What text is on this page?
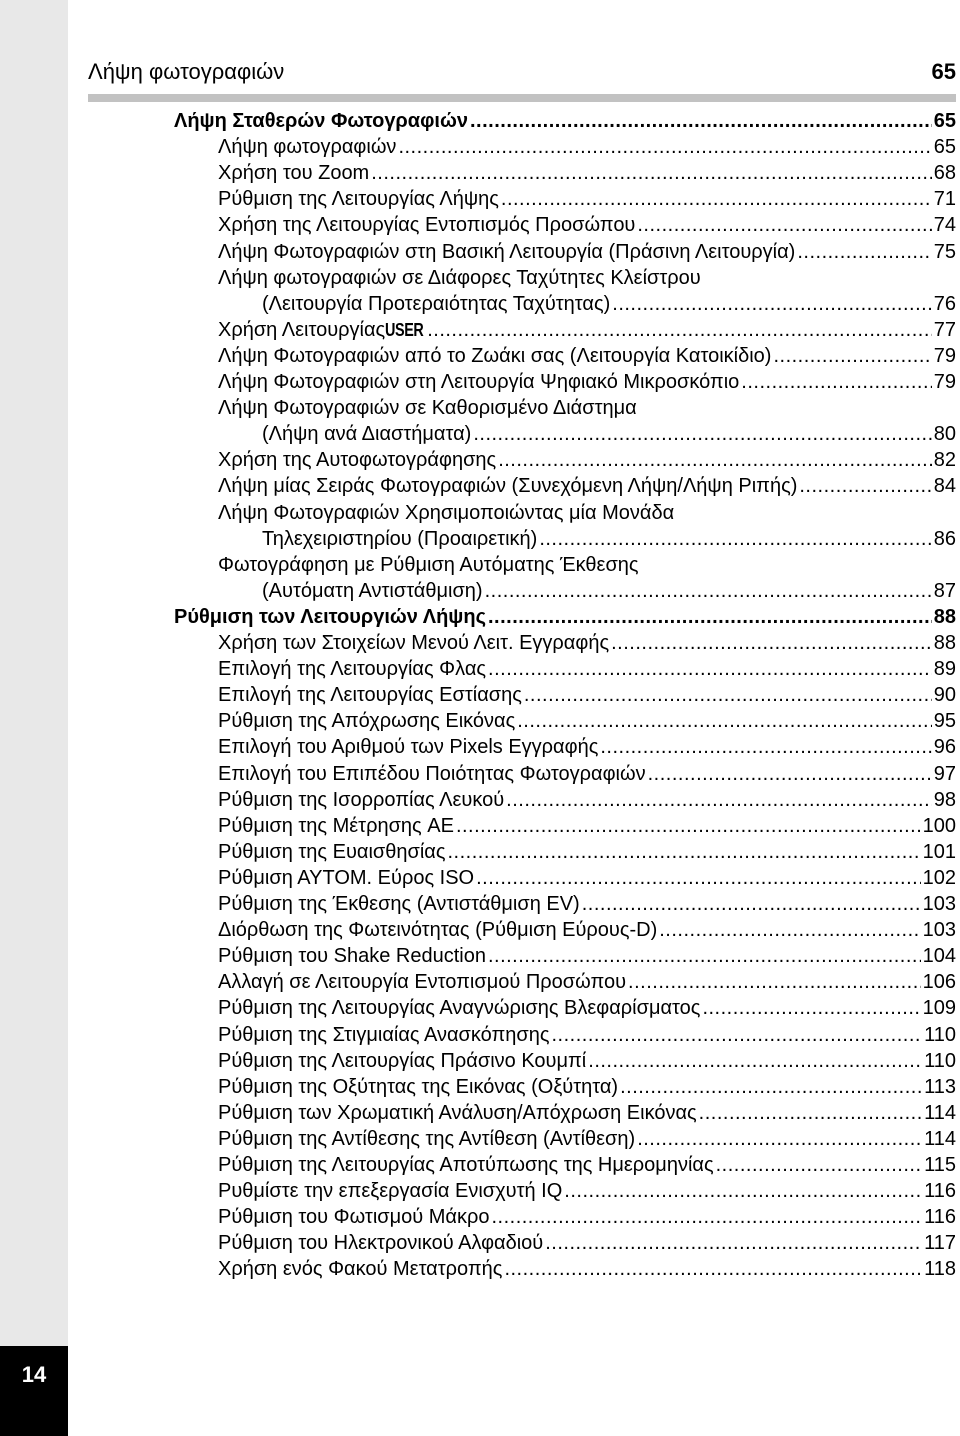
14
Λήψη φωτογραφιών	65
Λήψη Σταθερών Φωτογραφιών .....	65
Λήψη φωτογραφιών .....	65
Χρήση του Zoom .....	68
Ρύθμιση της Λειτουργίας Λήψης .....	71
Χρήση της Λειτουργίας Εντοπισμός Προσώπου .....	74
Λήψη Φωτογραφιών στη Βασική Λειτουργία (Πράσινη Λειτουργία) .....	75
Λήψη φωτογραφιών σε Διάφορες Ταχύτητες Κλείστρου
(Λειτουργία Προτεραιότητας Ταχύτητας) .....	76
Χρήση Λειτουργίας USER .....	77
Λήψη Φωτογραφιών από το Ζωάκι σας (Λειτουργία Κατοικίδιο) .....	79
Λήψη Φωτογραφιών στη Λειτουργία Ψηφιακό Μικροσκόπιο .....	79
Λήψη Φωτογραφιών σε Καθορισμένο Διάστημα
(Λήψη ανά Διαστήματα) .....	80
Χρήση της Αυτοφωτογράφησης .....	82
Λήψη μίας Σειράς Φωτογραφιών (Συνεχόμενη Λήψη/Λήψη Ριπής) .....	84
Λήψη Φωτογραφιών Χρησιμοποιώντας μία Μονάδα
Τηλεχειριστηρίου (Προαιρετική) .....	86
Φωτογράφηση με Ρύθμιση Αυτόματης Έκθεσης
(Αυτόματη Αντιστάθμιση) .....	87
Ρύθμιση των Λειτουργιών Λήψης .....	88
Χρήση των Στοιχείων Μενού Λειτ. Εγγραφής .....	88
Επιλογή της Λειτουργίας Φλας .....	89
Επιλογή της Λειτουργίας Εστίασης .....	90
Ρύθμιση της Απόχρωσης Εικόνας .....	95
Επιλογή του Αριθμού των Pixels Εγγραφής .....	96
Επιλογή του Επιπέδου Ποιότητας Φωτογραφιών .....	97
Ρύθμιση της Ισορροπίας Λευκού .....	98
Ρύθμιση της Μέτρησης AE .....	100
Ρύθμιση της Ευαισθησίας .....	101
Ρύθμιση ΑΥΤΟΜ. Εύρος ISO .....	102
Ρύθμιση της Έκθεσης (Αντιστάθμιση EV) .....	103
Διόρθωση της Φωτεινότητας (Ρύθμιση Εύρους-D) .....	103
Ρύθμιση του Shake Reduction .....	104
Αλλαγή σε Λειτουργία Εντοπισμού Προσώπου .....	106
Ρύθμιση της Λειτουργίας Αναγνώρισης Βλεφαρίσματος .....	109
Ρύθμιση της Στιγμιαίας Ανασκόπησης .....	110
Ρύθμιση της Λειτουργίας Πράσινο Κουμπί .....	110
Ρύθμιση της Οξύτητας της Εικόνας (Οξύτητα) .....	113
Ρύθμιση των Χρωματική Ανάλυση/Απόχρωση Εικόνας .....	114
Ρύθμιση της Αντίθεσης της Αντίθεση (Αντίθεση) .....	114
Ρύθμιση της Λειτουργίας Αποτύπωσης της Ημερομηνίας .....	115
Ρυθμίστε την επεξεργασία Ενισχυτή IQ .....	116
Ρύθμιση του Φωτισμού Μάκρο .....	116
Ρύθμιση του Ηλεκτρονικού Αλφαδιού .....	117
Χρήση ενός Φακού Μετατροπής .....	118
